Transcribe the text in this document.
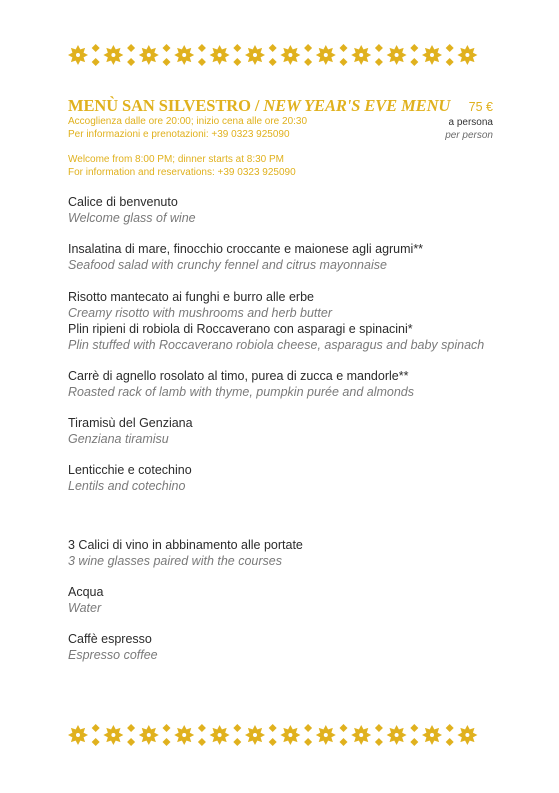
MENÙ SAN SILVESTRO / NEW YEAR'S EVE MENU	75 €
a persona
per person
Accoglienza dalle ore 20:00; inizio cena alle ore 20:30
Per informazioni e prenotazioni: +39 0323 925090
Welcome from 8:00 PM; dinner starts at 8:30 PM
For information and reservations: +39 0323 925090
Calice di benvenuto
Welcome glass of wine
Insalatina di mare, finocchio croccante e maionese agli agrumi**
Seafood salad with crunchy fennel and citrus mayonnaise
Risotto mantecato ai funghi e burro alle erbe
Creamy risotto with mushrooms and herb butter
Plin ripieni di robiola di Roccaverano con asparagi e spinacini*
Plin stuffed with Roccaverano robiola cheese, asparagus and baby spinach
Carrè di agnello rosolato al timo, purea di zucca e mandorle**
Roasted rack of lamb with thyme, pumpkin purée and almonds
Tiramisù del Genziana
Genziana tiramisu
Lenticchie e cotechino
Lentils and cotechino
3 Calici di vino in abbinamento alle portate
3 wine glasses paired with the courses
Acqua
Water
Caffè espresso
Espresso coffee
